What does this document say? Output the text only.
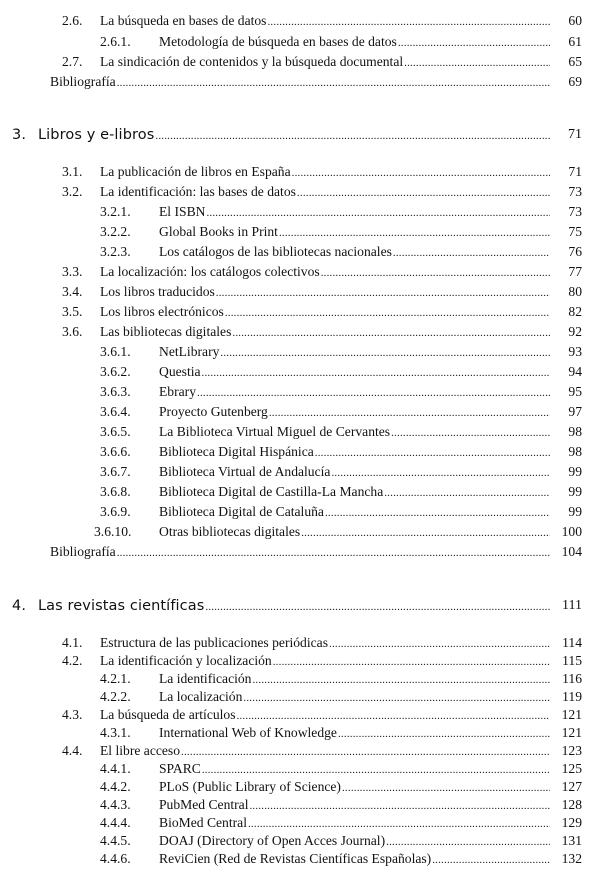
2.6. La búsqueda en bases de datos .....	60
2.6.1. Metodología de búsqueda en bases de datos .....	61
2.7. La sindicación de contenidos y la búsqueda documental .....	65
Bibliografía .....	69
3. Libros y e-libros .....	71
3.1. La publicación de libros en España .....	71
3.2. La identificación: las bases de datos .....	73
3.2.1. El ISBN .....	73
3.2.2. Global Books in Print .....	75
3.2.3. Los catálogos de las bibliotecas nacionales .....	76
3.3. La localización: los catálogos colectivos .....	77
3.4. Los libros traducidos .....	80
3.5. Los libros electrónicos .....	82
3.6. Las bibliotecas digitales .....	92
3.6.1. NetLibrary .....	93
3.6.2. Questia .....	94
3.6.3. Ebrary .....	95
3.6.4. Proyecto Gutenberg .....	97
3.6.5. La Biblioteca Virtual Miguel de Cervantes .....	98
3.6.6. Biblioteca Digital Hispánica .....	98
3.6.7. Biblioteca Virtual de Andalucía .....	99
3.6.8. Biblioteca Digital de Castilla-La Mancha .....	99
3.6.9. Biblioteca Digital de Cataluña .....	99
3.6.10. Otras bibliotecas digitales .....	100
Bibliografía .....	104
4. Las revistas científicas .....	111
4.1. Estructura de las publicaciones periódicas .....	114
4.2. La identificación y localización .....	115
4.2.1. La identificación .....	116
4.2.2. La localización .....	119
4.3. La búsqueda de artículos .....	121
4.3.1. International Web of Knowledge .....	121
4.4. El libre acceso .....	123
4.4.1. SPARC .....	125
4.4.2. PLoS (Public Library of Science) .....	127
4.4.3. PubMed Central .....	128
4.4.4. BioMed Central .....	129
4.4.5. DOAJ (Directory of Open Acces Journal) .....	131
4.4.6. ReviCien (Red de Revistas Científicas Españolas) .....	132
